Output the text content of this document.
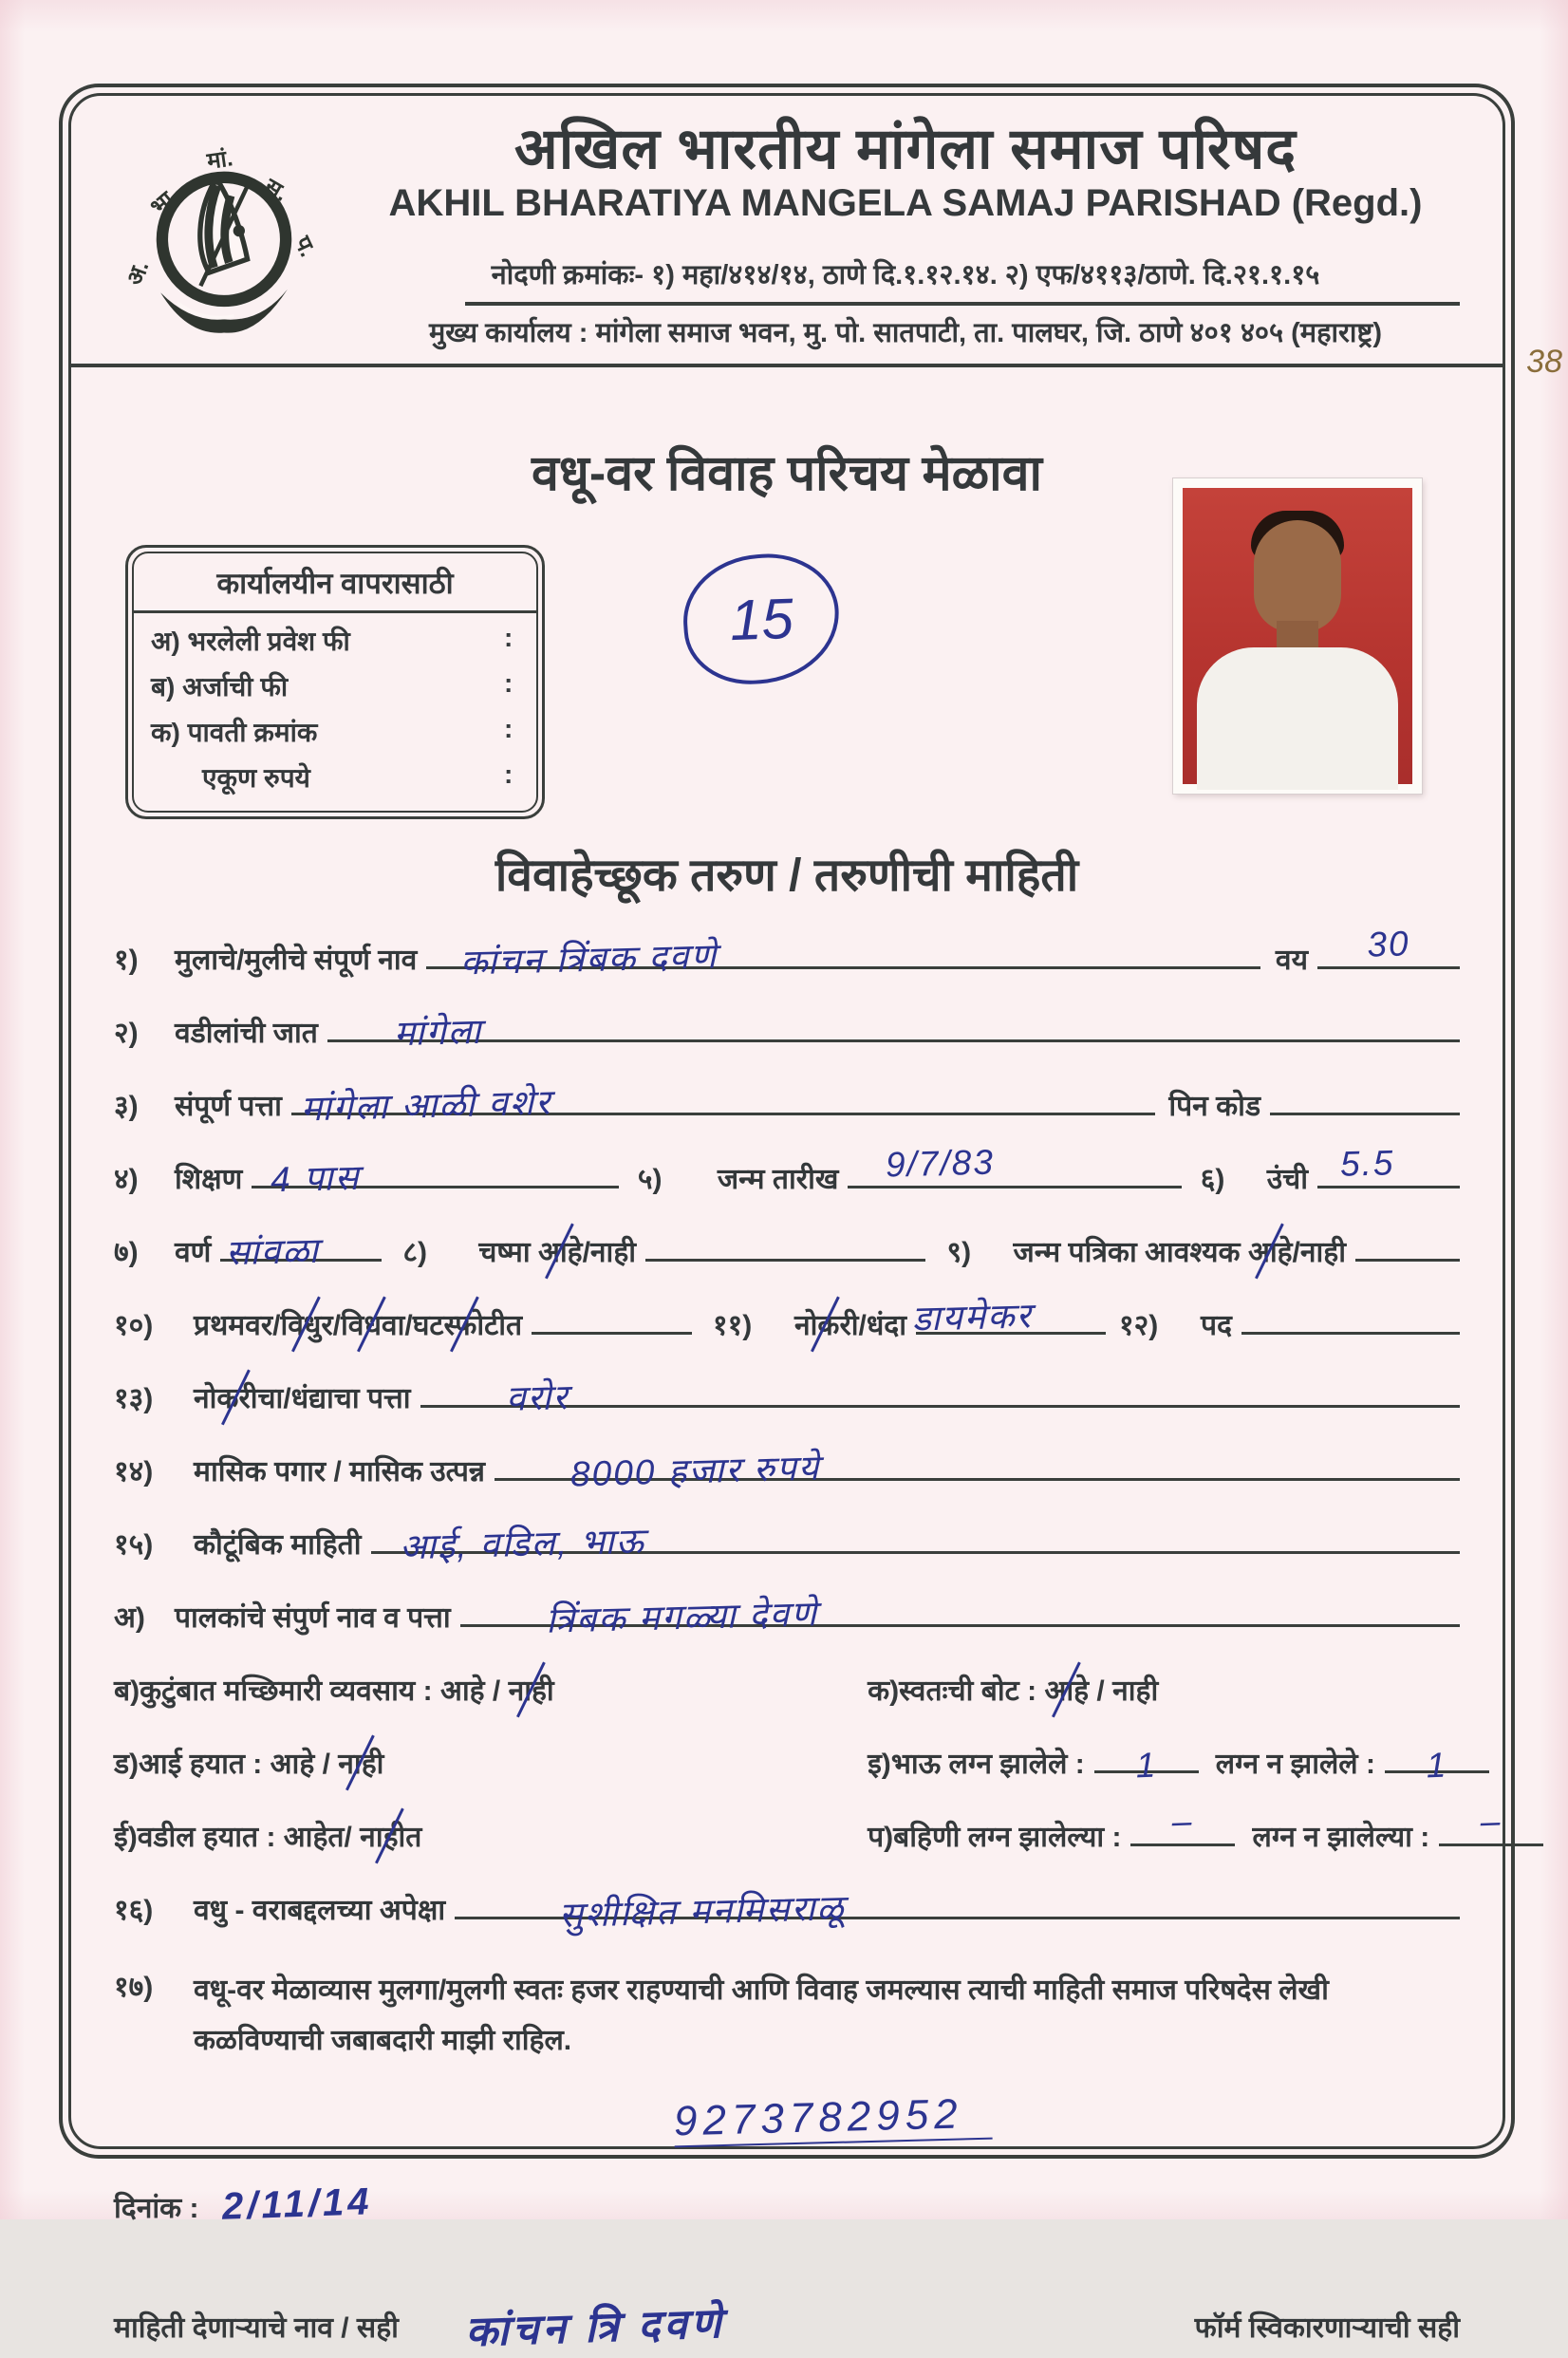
38
अ.
भा.
मां.
स.
प.
अखिल भारतीय मांगेला समाज परिषद
AKHIL BHARATIYA MANGELA SAMAJ PARISHAD (Regd.)
नोदणी क्रमांकः- १) महा/४१४/१४, ठाणे दि.१.१२.१४. २) एफ/४११३/ठाणे. दि.२१.१.१५
मुख्य कार्यालय : मांगेला समाज भवन, मु. पो. सातपाटी, ता. पालघर, जि. ठाणे ४०१ ४०५ (महाराष्ट्र)
वधू-वर विवाह परिचय मेळावा
कार्यालयीन वापरासाठी
अ) भरलेली प्रवेश फी	:
ब) अर्जाची फी	:
क) पावती क्रमांक	:
एकूण रुपये	:
15
विवाहेच्छूक तरुण / तरुणीची माहिती
१)	मुलाचे/मुलीचे संपूर्ण नाव कांचन त्रिंबक दवणे	वय 30
२)	वडीलांची जात मांगेला
३)	संपूर्ण पत्ता मांगेला आळी वशेर	पिन कोड
४)	शिक्षण 4 पास	५)	जन्म तारीख 9/7/83	६)	उंची 5.5
७)	वर्ण सांवळा	८)	चष्मा आहे/नाही	९)	जन्म पत्रिका आवश्यक आहे/नाही
१०)	प्रथमवर/विधुर/विधवा/घटस्फोटीत	११)	नोकरी/धंदा डायमेकर	१२)	पद
१३)	नोकरीचा/धंद्याचा पत्ता	वरोर
१४)	मासिक पगार / मासिक उत्पन्न 8000 हजार रुपये
१५)	कौटूंबिक माहिती आई, वडिल, भाऊ
अ)	पालकांचे संपुर्ण नाव व पत्ता	त्रिंबक मगळ्या देवणे
ब) कुटुंबात मच्छिमारी व्यवसाय : आहे / नाही	क) स्वतःची बोट : आहे / नाही
ड) आई हयात : आहे / नाही	इ) भाऊ लग्न झालेले : 1	लग्न न झालेले : 1
ई) वडील हयात : आहेत/ नाहीत	प) बहिणी लग्न झालेल्या : –	लग्न न झालेल्या : –
१६)	वधु - वराबद्दलच्या अपेक्षा	सुशीक्षित मनमिसराळू
१७)	वधू-वर मेळाव्यास मुलगा/मुलगी स्वतः हजर राहण्याची आणि विवाह जमल्यास त्याची माहिती समाज परिषदेस लेखी कळविण्याची जबाबदारी माझी राहिल.
9273782952
दिनांक : 2/11/14
माहिती देणाऱ्याचे नाव / सही कांचन त्रि दवणे	फॉर्म स्विकारणाऱ्याची सही
